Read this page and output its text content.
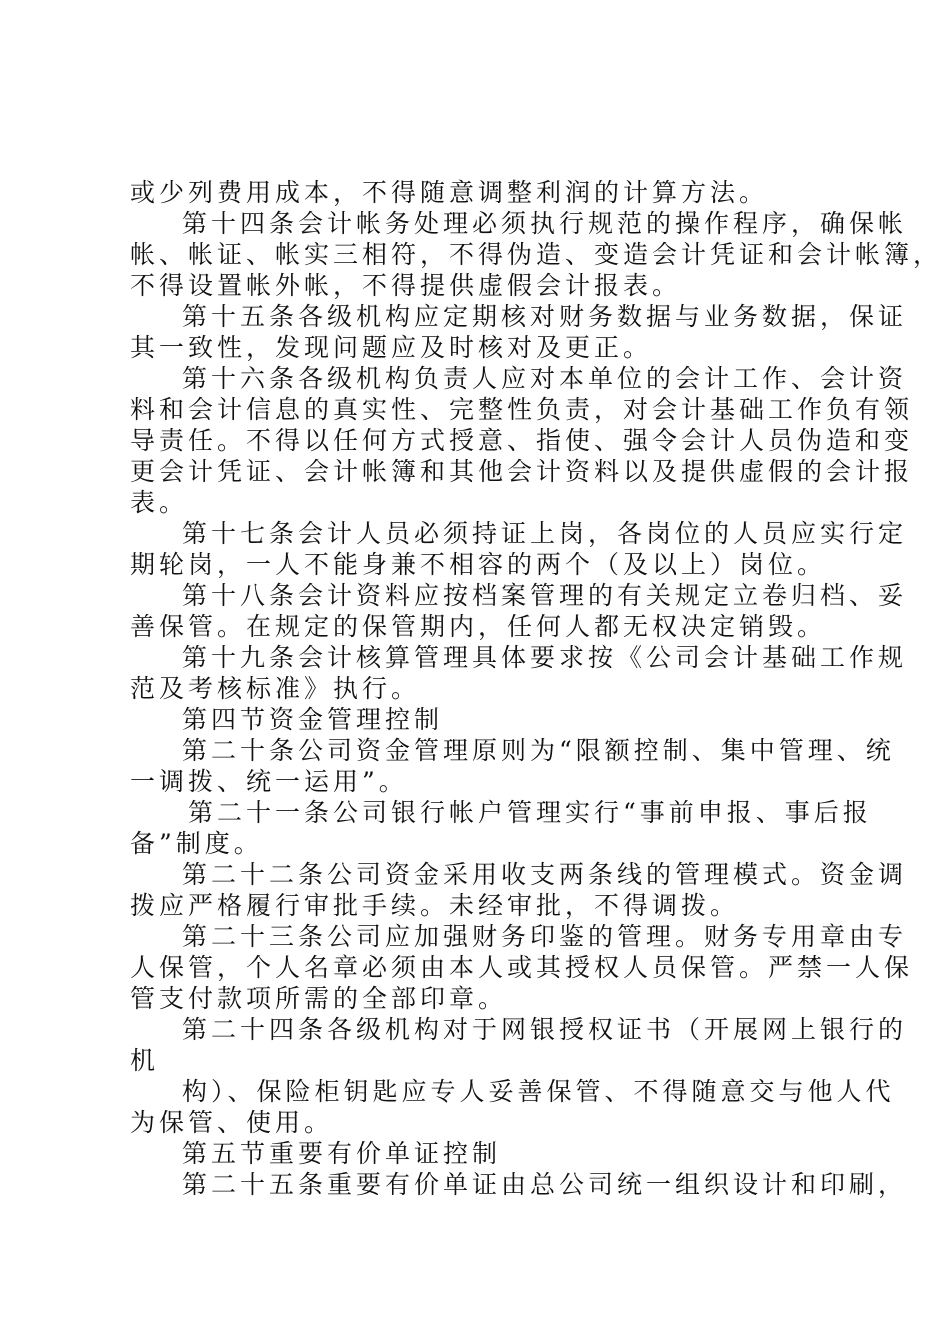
或少列费用成本，不得随意调整利润的计算方法。
第十四条会计帐务处理必须执行规范的操作程序，确保帐
帐、帐证、帐实三相符，不得伪造、变造会计凭证和会计帐簿，
不得设置帐外帐，不得提供虚假会计报表。
第十五条各级机构应定期核对财务数据与业务数据，保证
其一致性，发现问题应及时核对及更正。
第十六条各级机构负责人应对本单位的会计工作、会计资
料和会计信息的真实性、完整性负责，对会计基础工作负有领
导责任。不得以任何方式授意、指使、强令会计人员伪造和变
更会计凭证、会计帐簿和其他会计资料以及提供虚假的会计报
表。
第十七条会计人员必须持证上岗，各岗位的人员应实行定
期轮岗，一人不能身兼不相容的两个（及以上）岗位。
第十八条会计资料应按档案管理的有关规定立卷归档、妥
善保管。在规定的保管期内，任何人都无权决定销毁。
第十九条会计核算管理具体要求按《公司会计基础工作规
范及考核标准》执行。
第四节资金管理控制
第二十条公司资金管理原则为“限额控制、集中管理、统
一调拨、统一运用”。
第二十一条公司银行帐户管理实行“事前申报、事后报
备”制度。
第二十二条公司资金采用收支两条线的管理模式。资金调
拨应严格履行审批手续。未经审批，不得调拨。
第二十三条公司应加强财务印鉴的管理。财务专用章由专
人保管，个人名章必须由本人或其授权人员保管。严禁一人保
管支付款项所需的全部印章。
第二十四条各级机构对于网银授权证书（开展网上银行的
机
构）、保险柜钥匙应专人妥善保管、不得随意交与他人代
为保管、使用。
第五节重要有价单证控制
第二十五条重要有价单证由总公司统一组织设计和印刷，
